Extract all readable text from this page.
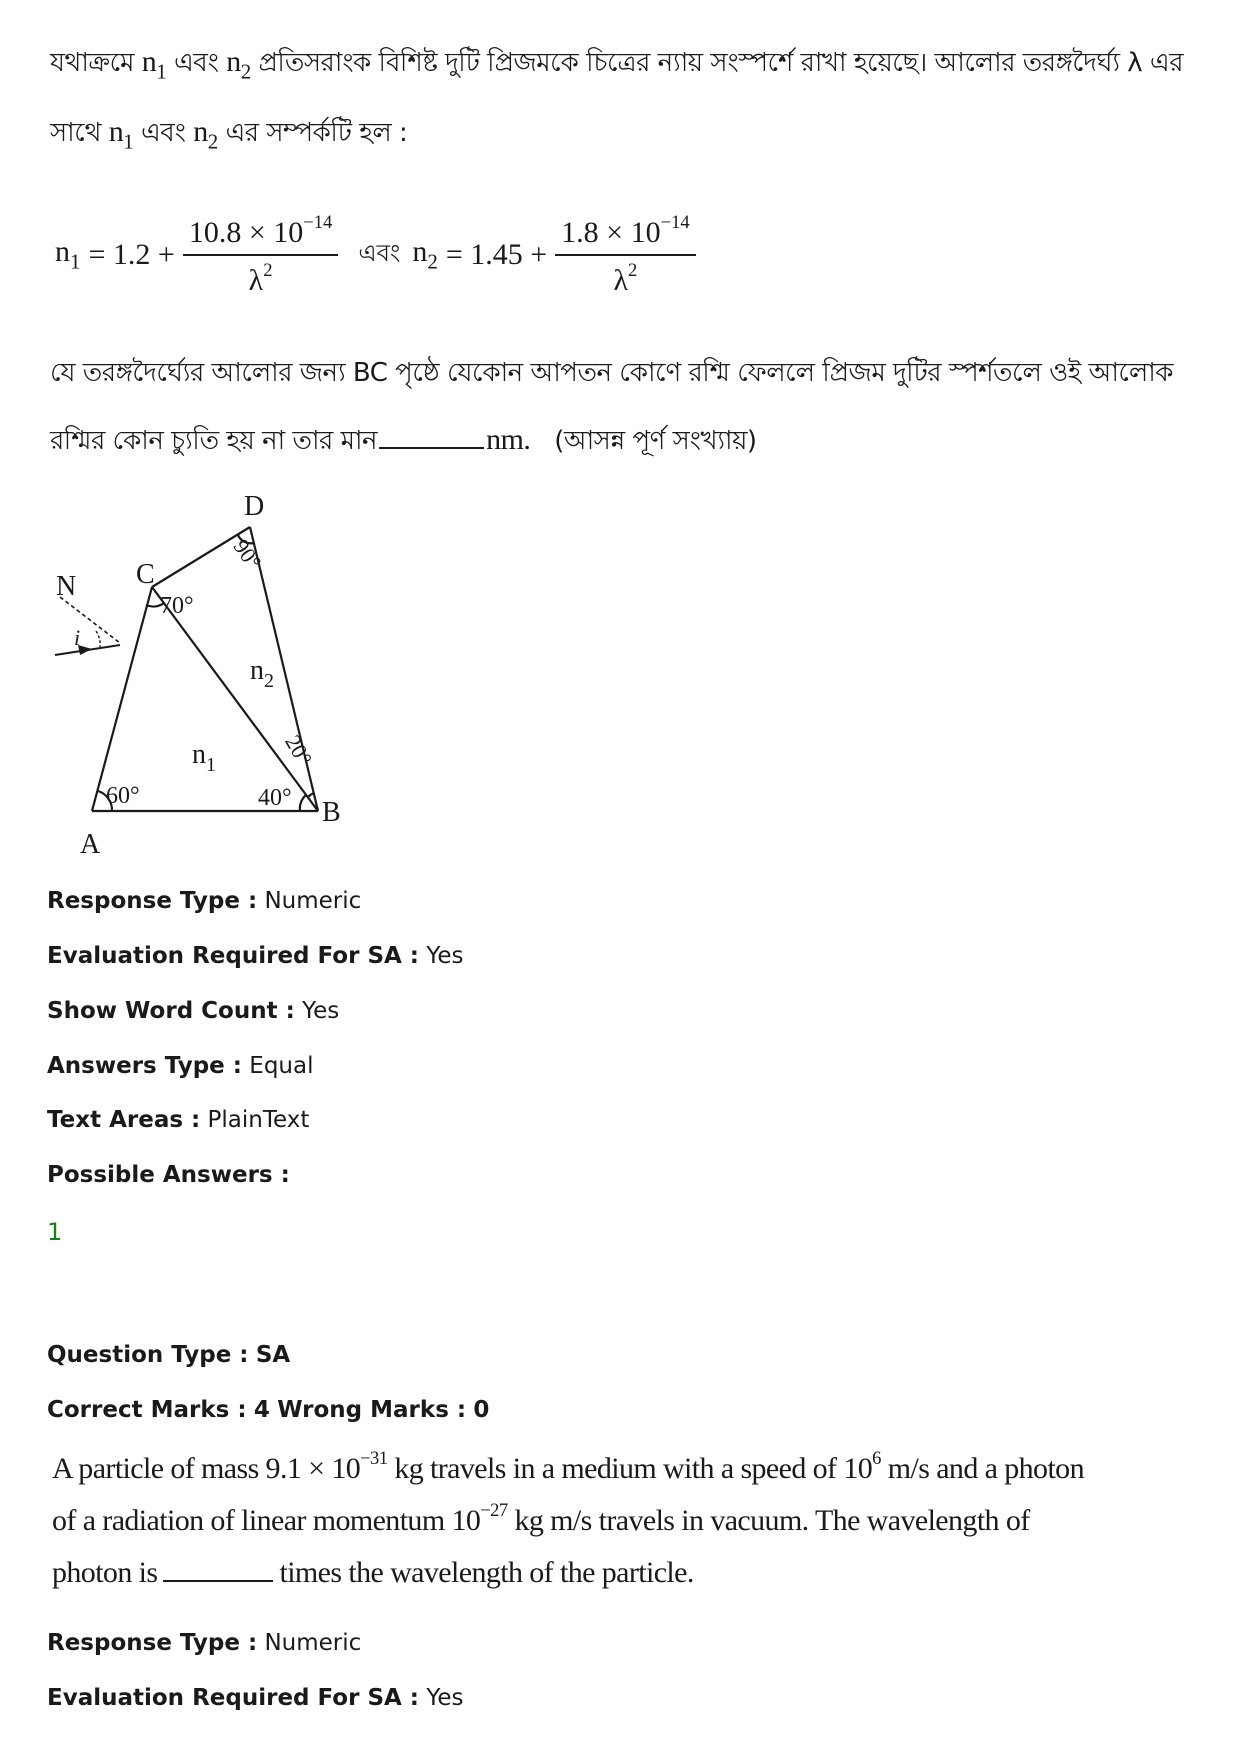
যথাক্রমে $n_1$ এবং $n_2$ প্রতিসরাংক বিশিষ্ট দুটি প্রিজমকে চিত্রের ন্যায় সংস্পর্শে রাখা হয়েছে। আলোর তরঙ্গদৈর্ঘ্য λ এর
সাথে $n_1$ এবং $n_2$ এর সম্পর্কটি হল :
$n_1 = 1.2 + \frac{10.8 \times 10^{-14}}{\lambda^2}$ এবং $n_2 = 1.45 + \frac{1.8 \times 10^{-14}}{\lambda^2}$
যে তরঙ্গদৈর্ঘ্যের আলোর জন্য BC পৃষ্ঠে যেকোন আপতন কোণে রশ্মি ফেললে প্রিজম দুটির স্পর্শতলে ওই আলোক
রশ্মির কোন চ্যুতি হয় না তার মান	nm. (আসন্ন পূর্ণ সংখ্যায়)
A
B
C
D
N
i
60°
70°
90°
40°
20°
$n_1$
$n_2$
Response Type : Numeric
Evaluation Required For SA : Yes
Show Word Count : Yes
Answers Type : Equal
Text Areas : PlainText
Possible Answers :
1
Question Type : SA
Correct Marks : 4 Wrong Marks : 0
A particle of mass $9.1 \times 10^{-31}$ kg travels in a medium with a speed of $10^6$ m/s and a photon
of a radiation of linear momentum $10^{-27}$ kg m/s travels in vacuum. The wavelength of
photon is	times the wavelength of the particle.
Response Type : Numeric
Evaluation Required For SA : Yes
